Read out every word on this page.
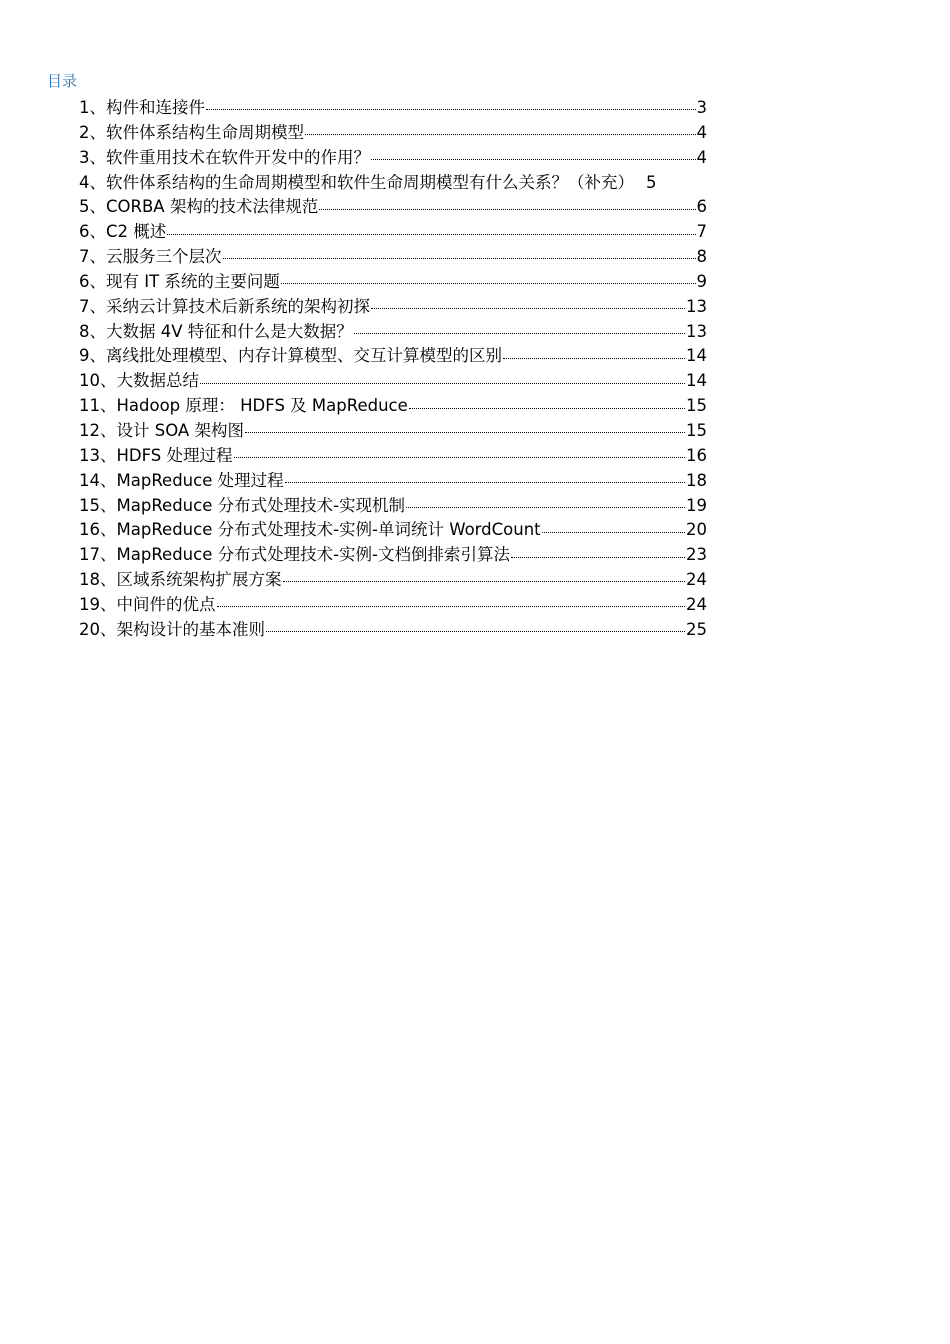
目录
1、构件和连接件	3
2、软件体系结构生命周期模型	4
3、软件重用技术在软件开发中的作用？	4
4、软件体系结构的生命周期模型和软件生命周期模型有什么关系？（补充） 5
5、CORBA 架构的技术法律规范	6
6、C2 概述	7
7、云服务三个层次	8
6、现有 IT 系统的主要问题	9
7、采纳云计算技术后新系统的架构初探	13
8、大数据 4V 特征和什么是大数据？	13
9、离线批处理模型、内存计算模型、交互计算模型的区别	14
10、大数据总结	14
11、Hadoop 原理： HDFS 及 MapReduce	15
12、设计 SOA 架构图	15
13、HDFS 处理过程	16
14、MapReduce 处理过程	18
15、MapReduce 分布式处理技术-实现机制	19
16、MapReduce 分布式处理技术-实例-单词统计 WordCount	20
17、MapReduce 分布式处理技术-实例-文档倒排索引算法	23
18、区域系统架构扩展方案	24
19、中间件的优点	24
20、架构设计的基本准则	25
